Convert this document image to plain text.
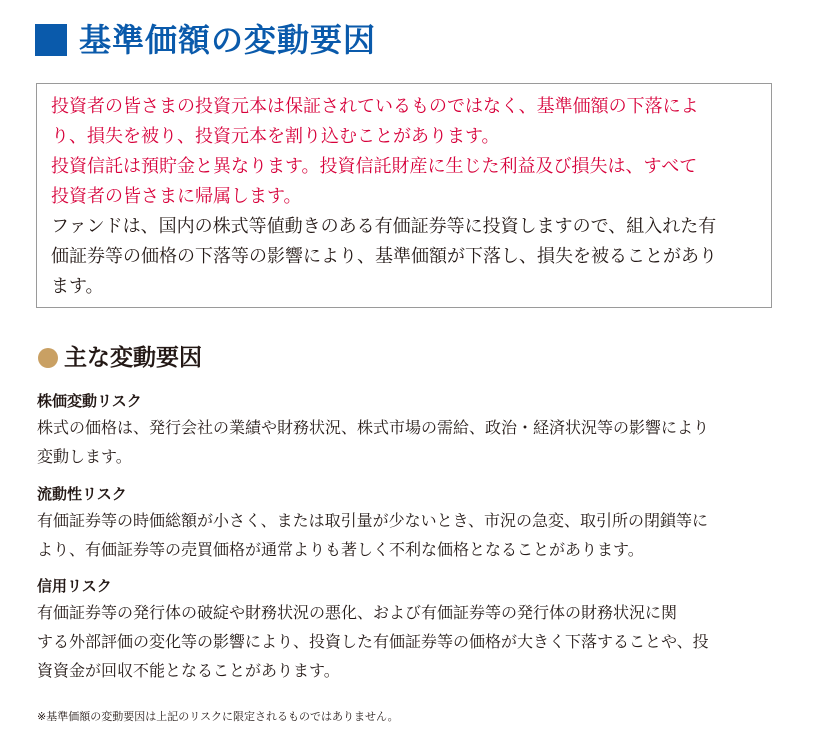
基準価額の変動要因
投資者の皆さまの投資元本は保証されているものではなく、基準価額の下落によ
り、損失を被り、投資元本を割り込むことがあります。
投資信託は預貯金と異なります。投資信託財産に生じた利益及び損失は、すべて
投資者の皆さまに帰属します。
ファンドは、国内の株式等値動きのある有価証券等に投資しますので、組入れた有
価証券等の価格の下落等の影響により、基準価額が下落し、損失を被ることがあり
ます。
主な変動要因
株価変動リスク
株式の価格は、発行会社の業績や財務状況、株式市場の需給、政治・経済状況等の影響により
変動します。
流動性リスク
有価証券等の時価総額が小さく、または取引量が少ないとき、市況の急変、取引所の閉鎖等に
より、有価証券等の売買価格が通常よりも著しく不利な価格となることがあります。
信用リスク
有価証券等の発行体の破綻や財務状況の悪化、および有価証券等の発行体の財務状況に関
する外部評価の変化等の影響により、投資した有価証券等の価格が大きく下落することや、投
資資金が回収不能となることがあります。
※基準価額の変動要因は上記のリスクに限定されるものではありません。
